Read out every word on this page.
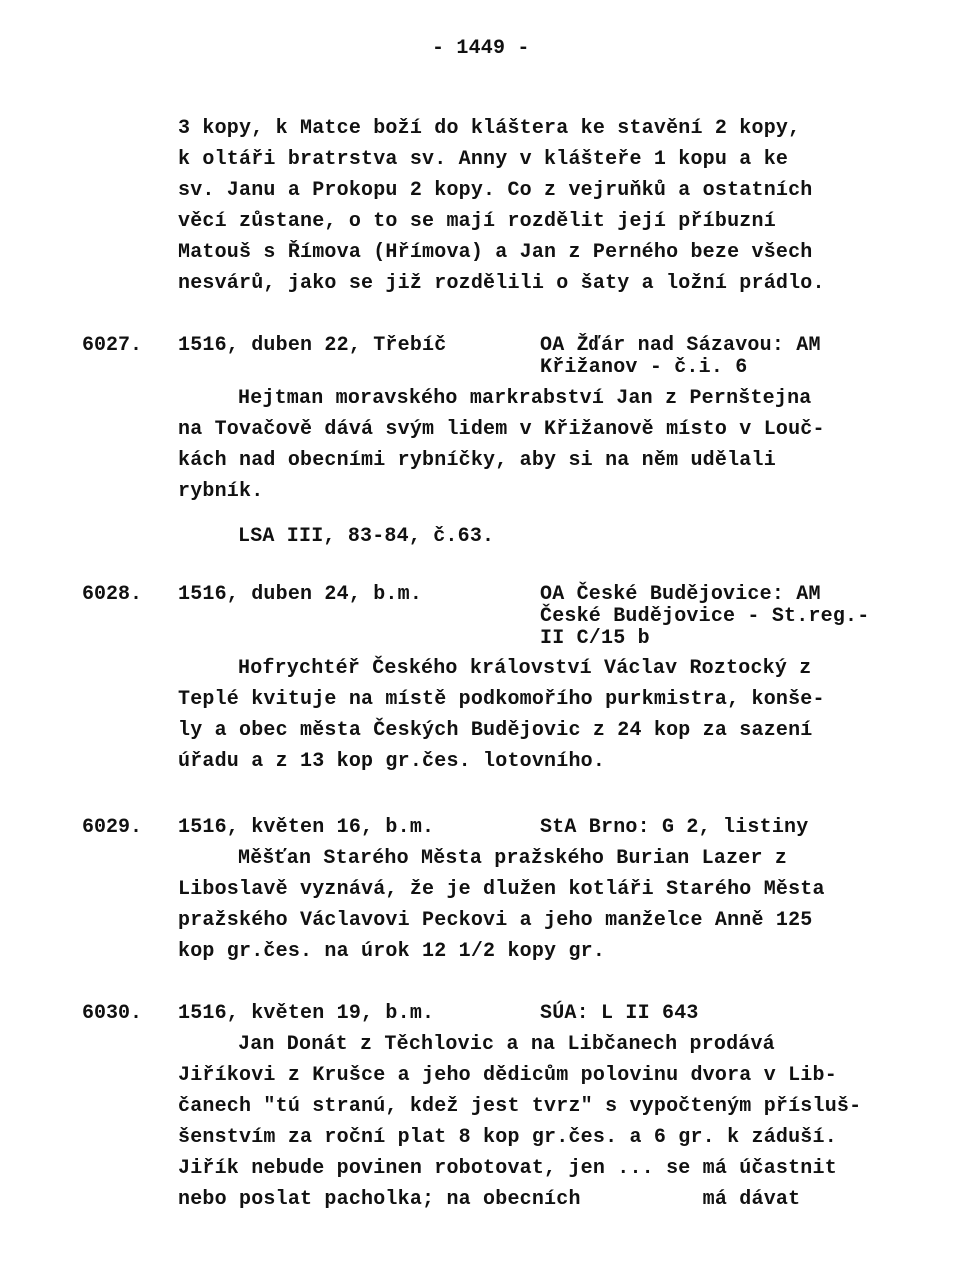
- 1449 -
3 kopy, k Matce boží do kláštera ke stavění 2 kopy,
k oltáři bratrstva sv. Anny v klášteře 1 kopu a ke
sv. Janu a Prokopu 2 kopy. Co z vejruňků a ostatních
věcí zůstane, o to se mají rozdělit její příbuzní
Matouš s Římova (Hřímova) a Jan z Perného beze všech
nesvárů, jako se již rozdělili o šaty a ložní prádlo.
6027. 1516, duben 22, Třebíč	OA Žďár nad Sázavou: AM
Křižanov - č.i. 6
Hejtman moravského markrabství Jan z Pernštejna
na Tovačově dává svým lidem v Křižanově místo v Louč-
kách nad obecními rybníčky, aby si na něm udělali
rybník.
LSA III, 83-84, č.63.
6028. 1516, duben 24, b.m.	OA České Budějovice: AM
České Budějovice - St.reg.-
II C/15 b
Hofrychtéř Českého království Václav Roztocký z
Teplé kvituje na místě podkomořího purkmistra, konše-
ly a obec města Českých Budějovic z 24 kop za sazení
úřadu a z 13 kop gr.čes. lotovního.
6029. 1516, květen 16, b.m.	StA Brno: G 2, listiny
Měšťan Starého Města pražského Burian Lazer z
Liboslavě vyznává, že je dlužen kotláři Starého Města
pražského Václavovi Peckovi a jeho manželce Anně 125
kop gr.čes. na úrok 12 1/2 kopy gr.
6030. 1516, květen 19, b.m.	SÚA: L II 643
Jan Donát z Těchlovic a na Libčanech prodává
Jiříkovi z Krušce a jeho dědicům polovinu dvora v Lib-
čanech "tú stranú, kdež jest tvrz" s vypočteným přísluš-
šenstvím za roční plat 8 kop gr.čes. a 6 gr. k záduší.
Jiřík nebude povinen robotovat, jen ... se má účastnit
nebo poslat pacholka; na obecních          má dávat
